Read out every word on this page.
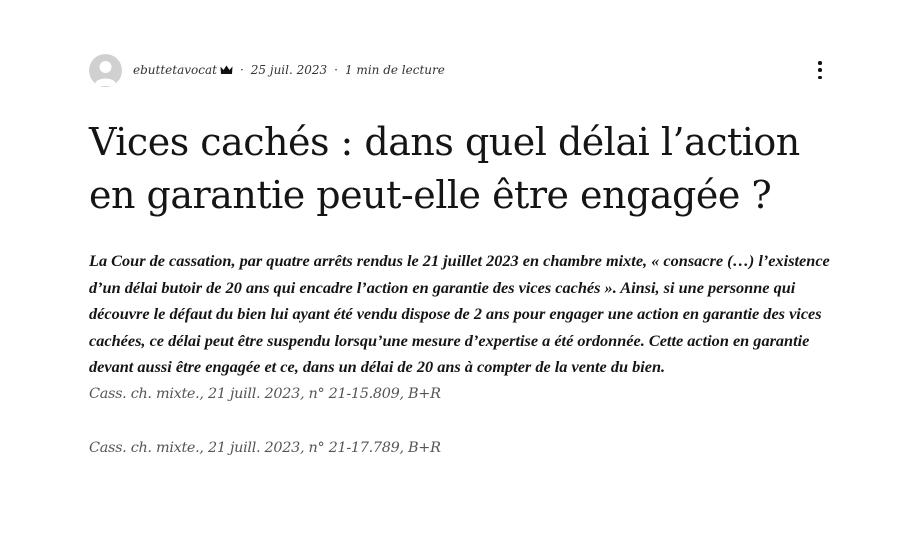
ebuttetavocat · 25 juil. 2023 · 1 min de lecture
Vices cachés : dans quel délai l’action en garantie peut-elle être engagée ?

La Cour de cassation, par quatre arrêts rendus le 21 juillet 2023 en chambre mixte, « consacre (…) l’existence d’un délai butoir de 20 ans qui encadre l’action en garantie des vices cachés ». Ainsi, si une personne qui découvre le défaut du bien lui ayant été vendu dispose de 2 ans pour engager une action en garantie des vices cachées, ce délai peut être suspendu lorsqu’une mesure d’expertise a été ordonnée. Cette action en garantie devant aussi être engagée et ce, dans un délai de 20 ans à compter de la vente du bien.

Cass. ch. mixte., 21 juill. 2023, n° 21-15.809, B+R
Cass. ch. mixte., 21 juill. 2023, n° 21-17.789, B+R
